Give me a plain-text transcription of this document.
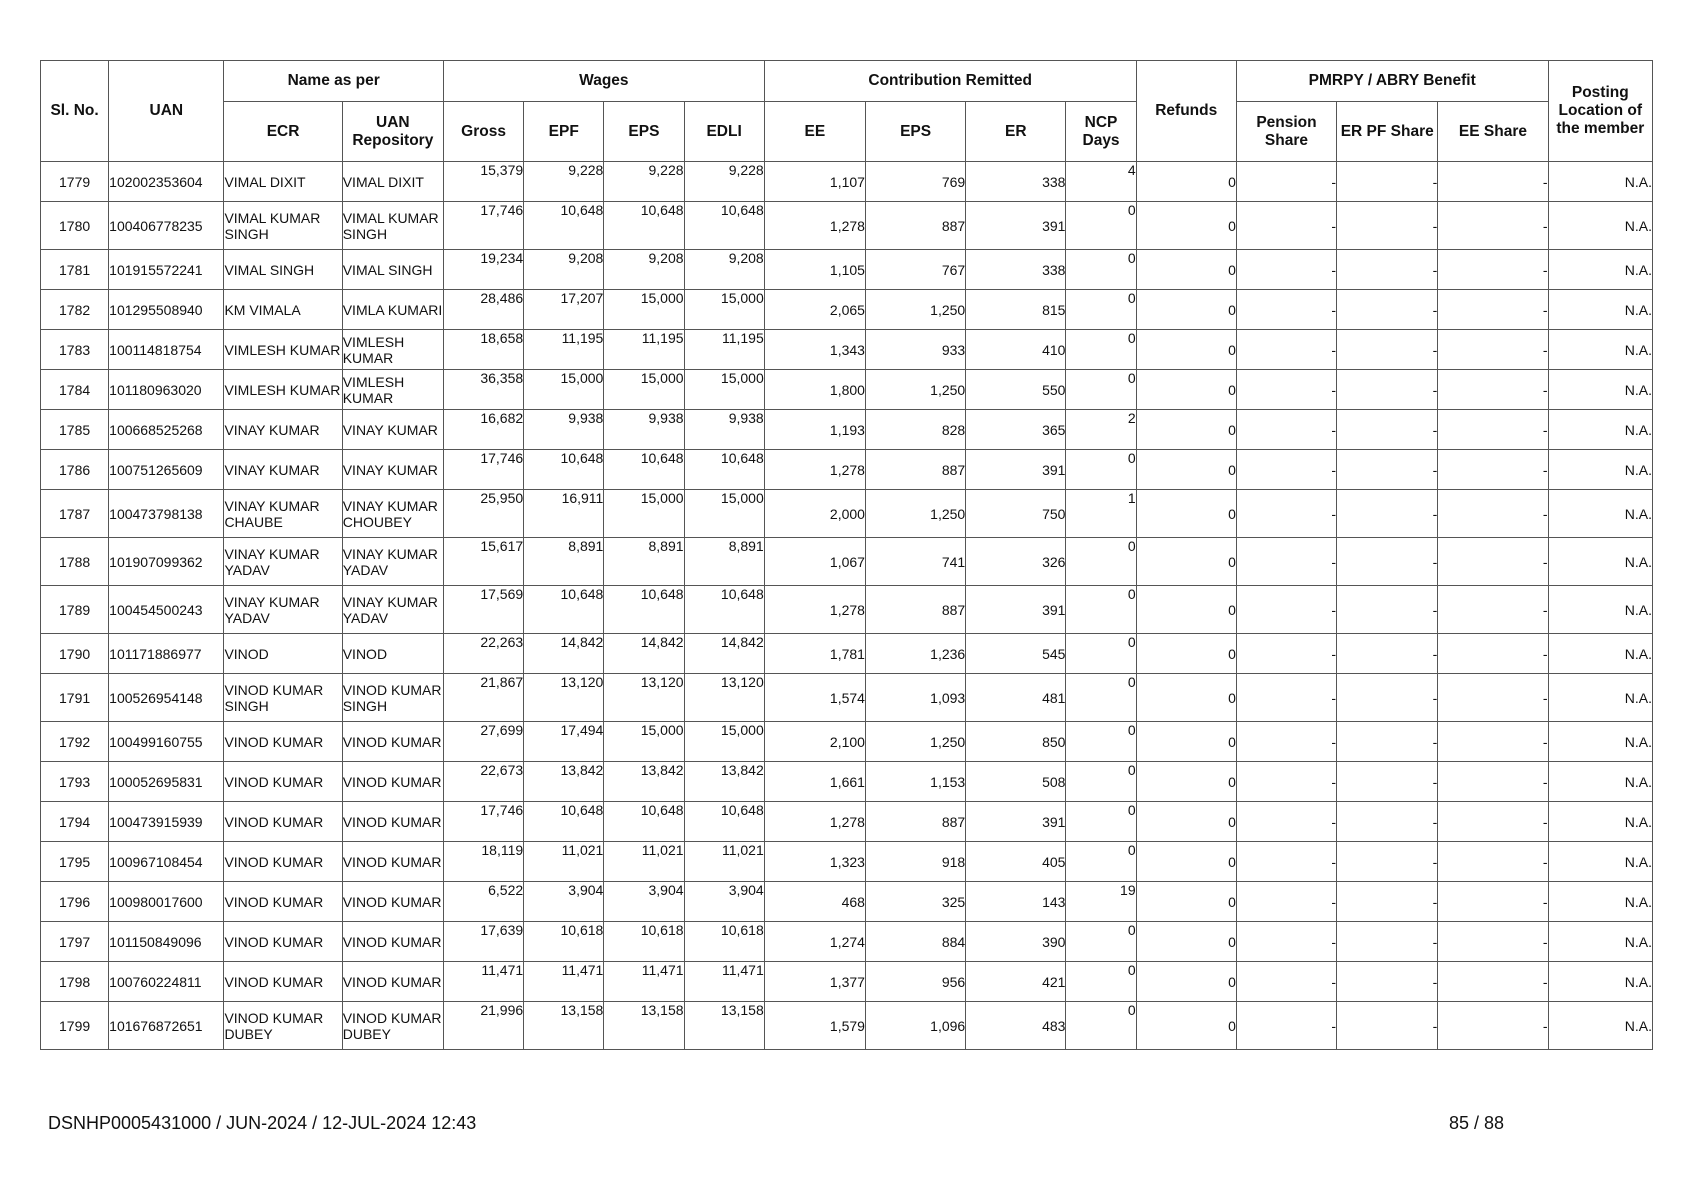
Sl. No.	UAN	Name as per		Wages				Contribution Remitted				Refunds	PMRPY / ABRY Benefit			Posting Location of the member
		ECR	UAN Repository	Gross	EPF	EPS	EDLI	EE	EPS	ER	NCP Days		Pension Share	ER PF Share	EE Share	
1779	102002353604	VIMAL DIXIT	VIMAL DIXIT	15,379	9,228	9,228	9,228	1,107	769	338	4	0	-	-	-	N.A.
1780	100406778235	VIMAL KUMAR SINGH	VIMAL KUMAR SINGH	17,746	10,648	10,648	10,648	1,278	887	391	0	0	-	-	-	N.A.
1781	101915572241	VIMAL SINGH	VIMAL SINGH	19,234	9,208	9,208	9,208	1,105	767	338	0	0	-	-	-	N.A.
1782	101295508940	KM VIMALA	VIMLA KUMARI	28,486	17,207	15,000	15,000	2,065	1,250	815	0	0	-	-	-	N.A.
1783	100114818754	VIMLESH KUMAR	VIMLESH KUMAR	18,658	11,195	11,195	11,195	1,343	933	410	0	0	-	-	-	N.A.
1784	101180963020	VIMLESH KUMAR	VIMLESH KUMAR	36,358	15,000	15,000	15,000	1,800	1,250	550	0	0	-	-	-	N.A.
1785	100668525268	VINAY KUMAR	VINAY KUMAR	16,682	9,938	9,938	9,938	1,193	828	365	2	0	-	-	-	N.A.
1786	100751265609	VINAY KUMAR	VINAY KUMAR	17,746	10,648	10,648	10,648	1,278	887	391	0	0	-	-	-	N.A.
1787	100473798138	VINAY KUMAR CHAUBE	VINAY KUMAR CHOUBEY	25,950	16,911	15,000	15,000	2,000	1,250	750	1	0	-	-	-	N.A.
1788	101907099362	VINAY KUMAR YADAV	VINAY KUMAR YADAV	15,617	8,891	8,891	8,891	1,067	741	326	0	0	-	-	-	N.A.
1789	100454500243	VINAY KUMAR YADAV	VINAY KUMAR YADAV	17,569	10,648	10,648	10,648	1,278	887	391	0	0	-	-	-	N.A.
1790	101171886977	VINOD	VINOD	22,263	14,842	14,842	14,842	1,781	1,236	545	0	0	-	-	-	N.A.
1791	100526954148	VINOD KUMAR SINGH	VINOD KUMAR SINGH	21,867	13,120	13,120	13,120	1,574	1,093	481	0	0	-	-	-	N.A.
1792	100499160755	VINOD KUMAR	VINOD KUMAR	27,699	17,494	15,000	15,000	2,100	1,250	850	0	0	-	-	-	N.A.
1793	100052695831	VINOD KUMAR	VINOD KUMAR	22,673	13,842	13,842	13,842	1,661	1,153	508	0	0	-	-	-	N.A.
1794	100473915939	VINOD KUMAR	VINOD KUMAR	17,746	10,648	10,648	10,648	1,278	887	391	0	0	-	-	-	N.A.
1795	100967108454	VINOD KUMAR	VINOD KUMAR	18,119	11,021	11,021	11,021	1,323	918	405	0	0	-	-	-	N.A.
1796	100980017600	VINOD KUMAR	VINOD KUMAR	6,522	3,904	3,904	3,904	468	325	143	19	0	-	-	-	N.A.
1797	101150849096	VINOD KUMAR	VINOD KUMAR	17,639	10,618	10,618	10,618	1,274	884	390	0	0	-	-	-	N.A.
1798	100760224811	VINOD KUMAR	VINOD KUMAR	11,471	11,471	11,471	11,471	1,377	956	421	0	0	-	-	-	N.A.
1799	101676872651	VINOD KUMAR DUBEY	VINOD KUMAR DUBEY	21,996	13,158	13,158	13,158	1,579	1,096	483	0	0	-	-	-	N.A.
DSNHP0005431000 / JUN-2024 / 12-JUL-2024 12:43	85 / 88
